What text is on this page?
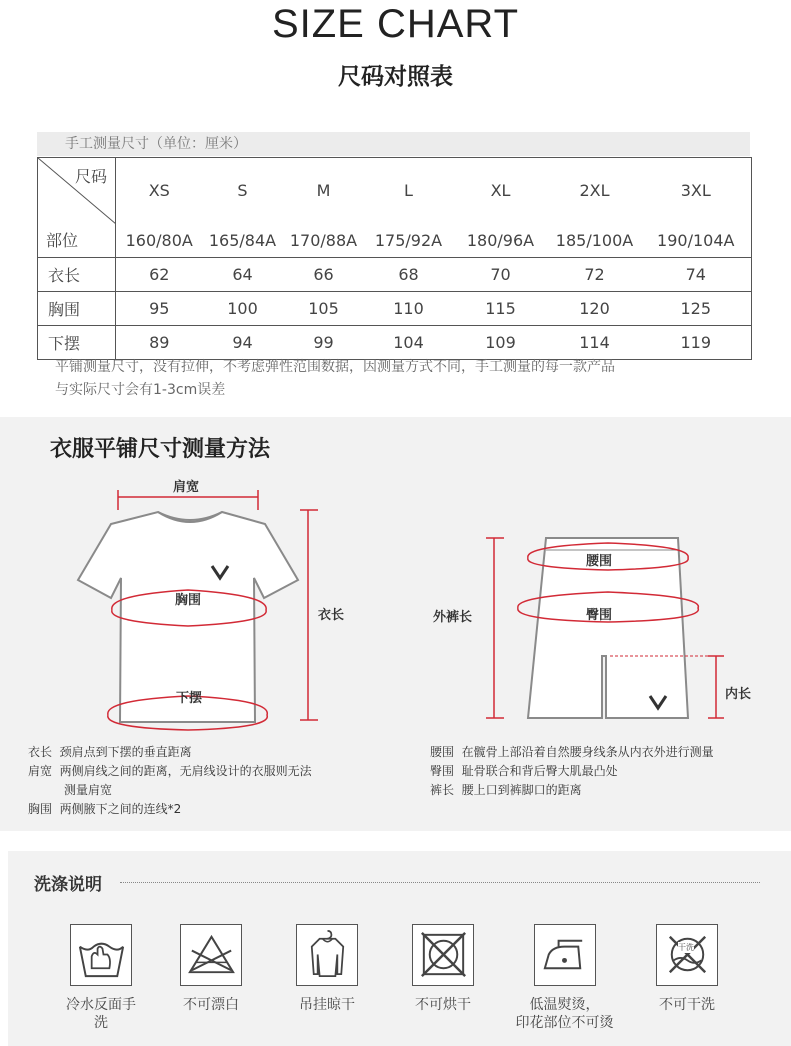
SIZE CHART
尺码对照表
手工测量尺寸（单位：厘米）
尺码
部位	XS	S	M	L	XL	2XL	3XL
	160/80A	165/84A	170/88A	175/92A	180/96A	185/100A	190/104A
衣长	62	64	66	68	70	72	74
胸围	95	100	105	110	115	120	125
下摆	89	94	99	104	109	114	119
平铺测量尺寸，没有拉伸，不考虑弹性范围数据，因测量方式不同，手工测量的每一款产品
与实际尺寸会有1-3cm误差
衣服平铺尺寸测量方法
肩宽
胸围
衣长
下摆
腰围
臀围
外裤长
内长
衣长 颈肩点到下摆的垂直距离
肩宽 两侧肩线之间的距离，无肩线设计的衣服则无法
测量肩宽
胸围 两侧腋下之间的连线*2
腰围 在髋骨上部沿着自然腰身线条从内衣外进行测量
臀围 耻骨联合和背后臀大肌最凸处
裤长 腰上口到裤脚口的距离
洗涤说明
冷水反面手洗
不可漂白	吊挂晾干	不可烘干	低温熨烫，
印花部位不可烫
干洗
不可干洗
